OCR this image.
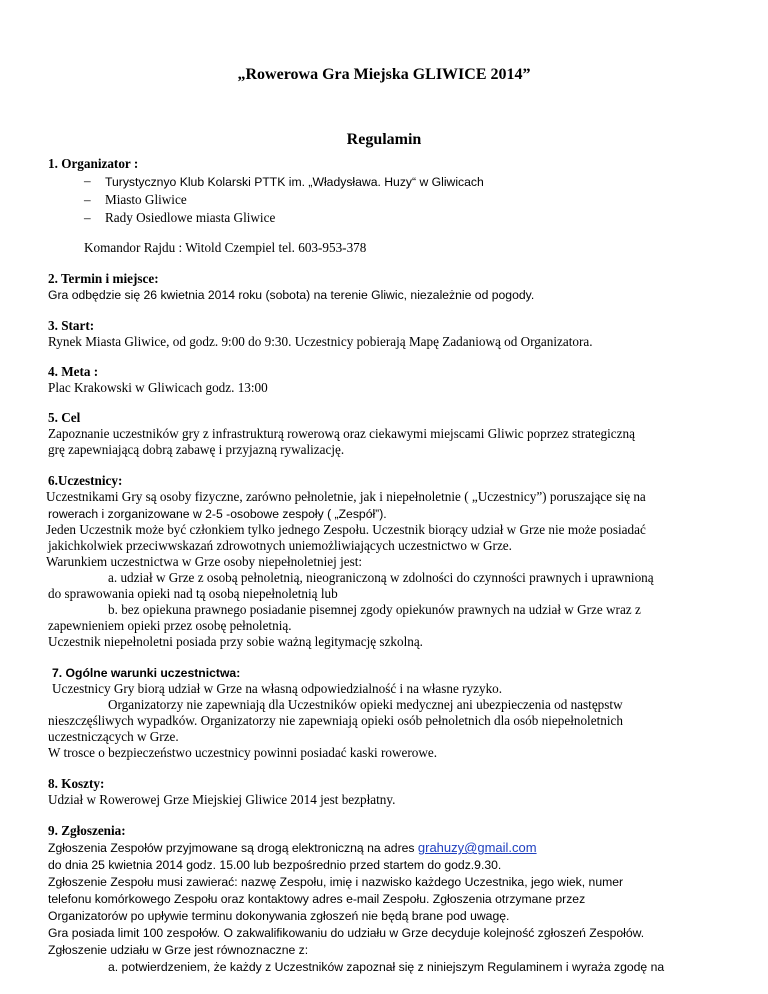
„Rowerowa Gra Miejska GLIWICE 2014”
Regulamin
1. Organizator :
– Turystycznyo Klub Kolarski PTTK im. „Władysława. Huzy“ w Gliwicach
– Miasto Gliwice
– Rady Osiedlowe miasta Gliwice
Komandor Rajdu : Witold Czempiel tel. 603-953-378
2. Termin i miejsce:
Gra odbędzie się 26 kwietnia 2014 roku (sobota) na terenie Gliwic, niezależnie od pogody.
3. Start:
Rynek Miasta Gliwice, od godz. 9:00 do 9:30. Uczestnicy pobierają Mapę Zadaniową od Organizatora.
4. Meta :
Plac Krakowski w Gliwicach godz. 13:00
5. Cel
Zapoznanie uczestników gry z infrastrukturą rowerową oraz ciekawymi miejscami Gliwic poprzez strategiczną
grę zapewniającą dobrą zabawę i przyjazną rywalizację.
6.Uczestnicy:
Uczestnikami Gry są osoby fizyczne, zarówno pełnoletnie, jak i niepełnoletnie ( „Uczestnicy”) poruszające się na
rowerach i zorganizowane w 2-5 -osobowe zespoły ( „Zespół”).
Jeden Uczestnik może być członkiem tylko jednego Zespołu. Uczestnik biorący udział w Grze nie może posiadać
jakichkolwiek przeciwwskazań zdrowotnych uniemożliwiających uczestnictwo w Grze.
Warunkiem uczestnictwa w Grze osoby niepełnoletniej jest:
a. udział w Grze z osobą pełnoletnią, nieograniczoną w zdolności do czynności prawnych i uprawnioną
do sprawowania opieki nad tą osobą niepełnoletnią lub
b. bez opiekuna prawnego posiadanie pisemnej zgody opiekunów prawnych na udział w Grze wraz z
zapewnieniem opieki przez osobę pełnoletnią.
Uczestnik niepełnoletni posiada przy sobie ważną legitymację szkolną.
7. Ogólne warunki uczestnictwa:
Uczestnicy Gry biorą udział w Grze na własną odpowiedzialność i na własne ryzyko.
Organizatorzy nie zapewniają dla Uczestników opieki medycznej ani ubezpieczenia od następstw
nieszczęśliwych wypadków. Organizatorzy nie zapewniają opieki osób pełnoletnich dla osób niepełnoletnich
uczestniczących w Grze.
W trosce o bezpieczeństwo uczestnicy powinni posiadać kaski rowerowe.
8. Koszty:
Udział w Rowerowej Grze Miejskiej Gliwice 2014 jest bezpłatny.
9. Zgłoszenia:
Zgłoszenia Zespołów przyjmowane są drogą elektroniczną na adres grahuzy@gmail.com
do dnia 25 kwietnia 2014 godz. 15.00 lub bezpośrednio przed startem do godz.9.30.
Zgłoszenie Zespołu musi zawierać: nazwę Zespołu, imię i nazwisko każdego Uczestnika, jego wiek, numer
telefonu komórkowego Zespołu oraz kontaktowy adres e-mail Zespołu. Zgłoszenia otrzymane przez
Organizatorów po upływie terminu dokonywania zgłoszeń nie będą brane pod uwagę.
Gra posiada limit 100 zespołów. O zakwalifikowaniu do udziału w Grze decyduje kolejność zgłoszeń Zespołów.
Zgłoszenie udziału w Grze jest równoznaczne z:
a. potwierdzeniem, że każdy z Uczestników zapoznał się z niniejszym Regulaminem i wyraża zgodę na
